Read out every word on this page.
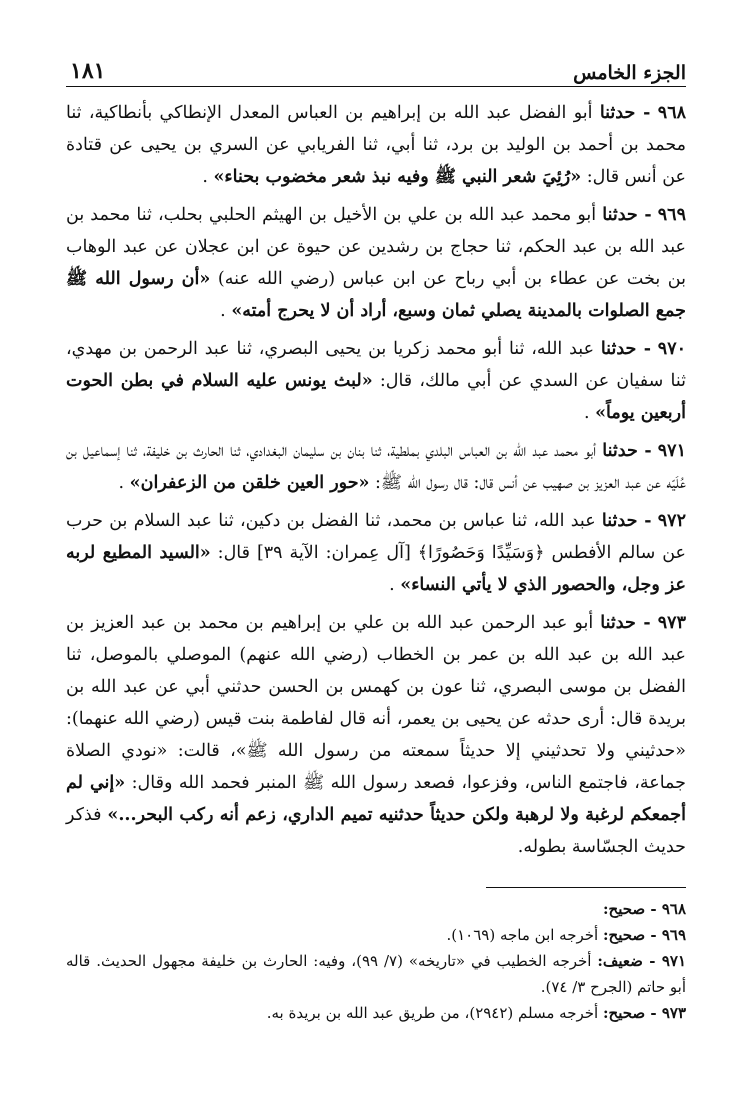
الجزء الخامس
١٨١

٩٦٨ - حدثنا أبو الفضل عبد الله بن إبراهيم بن العباس المعدل الإنطاكي بأنطاكية، ثنا محمد بن أحمد بن الوليد بن برد، ثنا أبي، ثنا الفريابي عن السري بن يحيى عن قتادة عن أنس قال: «رُئِيَ شعر النبي ﷺ وفيه نبذ شعر مخضوب بحناء» .

٩٦٩ - حدثنا أبو محمد عبد الله بن علي بن الأخيل بن الهيثم الحلبي بحلب، ثنا محمد بن عبد الله بن عبد الحكم، ثنا حجاج بن رشدين عن حيوة عن ابن عجلان عن عبد الوهاب بن بخت عن عطاء بن أبي رباح عن ابن عباس (رضي الله عنه) «أن رسول الله ﷺ جمع الصلوات بالمدينة يصلي ثمان وسبع، أراد أن لا يحرج أمته» .

٩٧٠ - حدثنا عبد الله، ثنا أبو محمد زكريا بن يحيى البصري، ثنا عبد الرحمن بن مهدي، ثنا سفيان عن السدي عن أبي مالك، قال: «لبث يونس عليه السلام في بطن الحوت أربعين يوماً» .

٩٧١ - حدثنا أبو محمد عبد الله بن العباس البلدي بملطية، ثنا بنان بن سليمان البغدادي، ثنا الحارث بن خليفة، ثنا إسماعيل بن عُلَيّه عن عبد العزيز بن صهيب عن أنس قال: قال رسول الله ﷺ: «حور العين خلقن من الزعفران» .

٩٧٢ - حدثنا عبد الله، ثنا عباس بن محمد، ثنا الفضل بن دكين، ثنا عبد السلام بن حرب عن سالم الأفطس ﴿وَسَيِّدًا وَحَصُورًا﴾ [آل عِمران: الآية ٣٩] قال: «السيد المطيع لربه عز وجل، والحصور الذي لا يأتي النساء» .

٩٧٣ - حدثنا أبو عبد الرحمن عبد الله بن علي بن إبراهيم بن محمد بن عبد العزيز بن عبد الله بن عبد الله بن عمر بن الخطاب (رضي الله عنهم) الموصلي بالموصل، ثنا الفضل بن موسى البصري، ثنا عون بن كهمس بن الحسن حدثني أبي عن عبد الله بن بريدة قال: أرى حدثه عن يحيى بن يعمر، أنه قال لفاطمة بنت قيس (رضي الله عنهما): «حدثيني ولا تحدثيني إلا حديثاً سمعته من رسول الله ﷺ»، قالت: «نودي الصلاة جماعة، فاجتمع الناس، وفزعوا، فصعد رسول الله ﷺ المنبر فحمد الله وقال: «إني لم أجمعكم لرغبة ولا لرهبة ولكن حديثاً حدثنيه تميم الداري، زعم أنه ركب البحر...» فذكر حديث الجسّاسة بطوله.

٩٦٨ - صحيح:

٩٦٩ - صحيح: أخرجه ابن ماجه (١٠٦٩).

٩٧١ - ضعيف: أخرجه الخطيب في «تاريخه» (٧/ ٩٩)، وفيه: الحارث بن خليفة مجهول الحديث. قاله أبو حاتم (الجرح ٣/ ٧٤).

٩٧٣ - صحيح: أخرجه مسلم (٢٩٤٢)، من طريق عبد الله بن بريدة به.
